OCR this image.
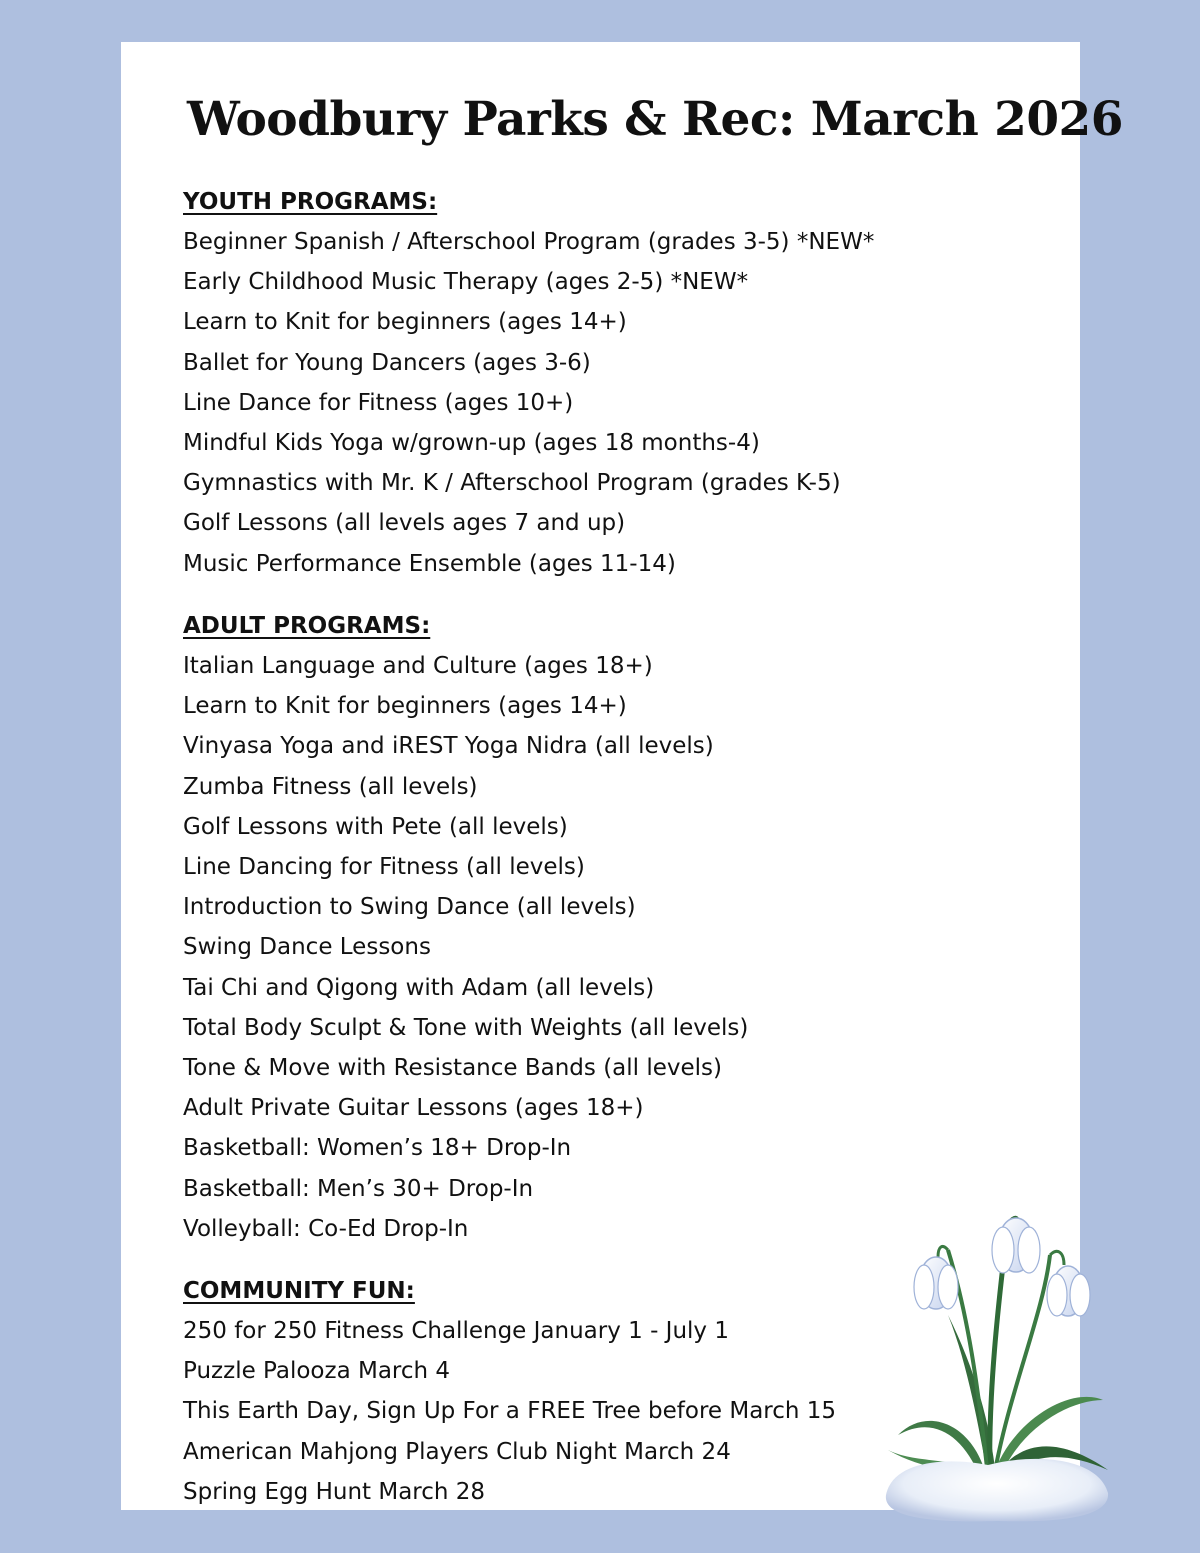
Woodbury Parks & Rec: March 2026
YOUTH PROGRAMS:
Beginner Spanish / Afterschool Program (grades 3-5) *NEW*
Early Childhood Music Therapy (ages 2-5) *NEW*
Learn to Knit for beginners (ages 14+)
Ballet for Young Dancers (ages 3-6)
Line Dance for Fitness (ages 10+)
Mindful Kids Yoga w/grown-up (ages 18 months-4)
Gymnastics with Mr. K / Afterschool Program (grades K-5)
Golf Lessons (all levels ages 7 and up)
Music Performance Ensemble (ages 11-14)
ADULT PROGRAMS:
Italian Language and Culture (ages 18+)
Learn to Knit for beginners (ages 14+)
Vinyasa Yoga and iREST Yoga Nidra (all levels)
Zumba Fitness (all levels)
Golf Lessons with Pete (all levels)
Line Dancing for Fitness (all levels)
Introduction to Swing Dance (all levels)
Swing Dance Lessons
Tai Chi and Qigong with Adam (all levels)
Total Body Sculpt & Tone with Weights (all levels)
Tone & Move with Resistance Bands (all levels)
Adult Private Guitar Lessons (ages 18+)
Basketball: Women’s 18+ Drop-In
Basketball: Men’s 30+ Drop-In
Volleyball: Co-Ed Drop-In
COMMUNITY FUN:
250 for 250 Fitness Challenge January 1 - July 1
Puzzle Palooza March 4
This Earth Day, Sign Up For a FREE Tree before March 15
American Mahjong Players Club Night March 24
Spring Egg Hunt March 28
